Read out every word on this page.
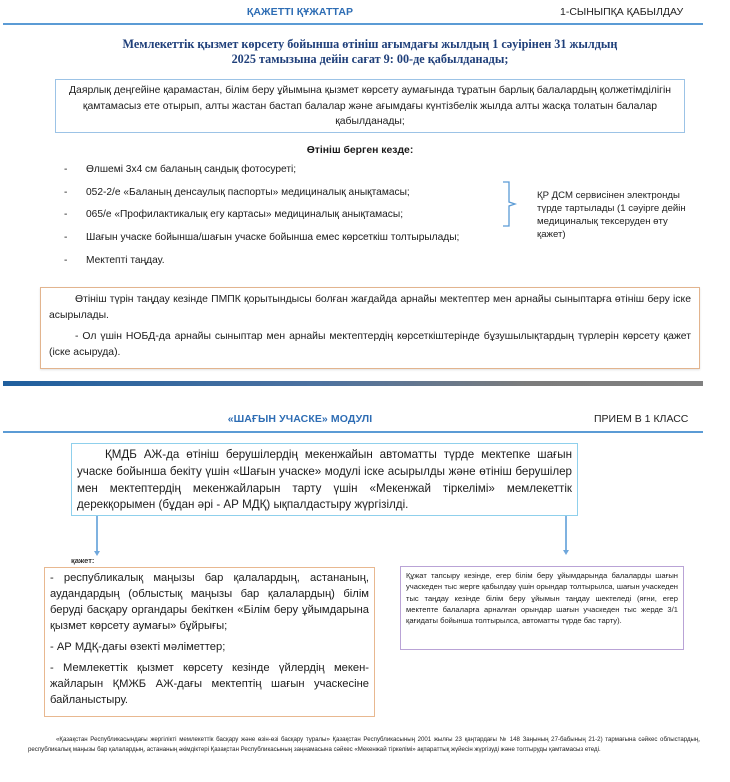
ҚАЖЕТТІ ҚҰЖАТТАР	1-СЫНЫПҚА ҚАБЫЛДАУ
Мемлекеттік қызмет көрсету бойынша өтініш ағымдағы жылдың 1 сәуірінен 31 жылдың
2025 тамызына дейін сағат 9: 00-де қабылданады;
Даярлық деңгейіне қарамастан, білім беру ұйымына қызмет көрсету аумағында тұратын барлық балалардың қолжетімділігін қамтамасыз ете отырып, алты жастан бастап балалар және ағымдағы күнтізбелік жылда алты жасқа толатын балалар қабылданады;
Өтініш берген кезде:
-	Өлшемі 3х4 см баланың сандық фотосуреті;
-	052-2/е «Баланың денсаулық паспорты» медициналық анықтамасы;
-	065/е «Профилактикалық егу картасы» медициналық анықтамасы;
-	Шағын учаске бойынша/шағын учаске бойынша емес көрсеткіш толтырылады;
-	Мектепті таңдау.
ҚР ДСМ сервисінен электронды түрде тартылады (1 сәуірге дейін медициналық тексеруден өту қажет)
Өтініш түрін таңдау кезінде ПМПК қорытындысы болған жағдайда арнайы мектептер мен арнайы сыныптарға өтініш беру іске асырылады.
- Ол үшін НОБД-да арнайы сыныптар мен арнайы мектептердің көрсеткіштерінде бұзушылықтардың түрлерін көрсету қажет (іске асыруда).
«ШАҒЫН УЧАСКЕ» МОДУЛІ	ПРИЕМ В 1 КЛАСС
ҚМДБ АЖ-да өтініш берушілердің мекенжайын автоматты түрде мектепке шағын учаске бойынша бекіту үшін «Шағын учаске» модулі іске асырылды және өтініш берушілер мен мектептердің мекенжайларын тарту үшін «Мекенжай тіркелімі» мемлекеттік дерекқорымен (бұдан әрі - АР МДҚ) ықпалдастыру жүргізілді.
қажет:
- республикалық маңызы бар қалалардың, астананың, аудандардың (облыстық маңызы бар қалалардың) білім беруді басқару органдары бекіткен «Білім беру ұйымдарына қызмет көрсету аумағы» бұйрығы;
- АР МДҚ-дағы өзекті мәліметтер;
- Мемлекеттік қызмет көрсету кезінде үйлердің мекен-жайларын ҚМЖБ АЖ-дағы мектептің шағын учаскесіне байланыстыру.
Құжат тапсыру кезінде, егер білім беру ұйымдарында балаларды шағын учаскеден тыс жерге қабылдау үшін орындар толтырылса, шағын учаскеден тыс таңдау кезінде білім беру ұйымын таңдау шектеледі (яғни, егер мектепте балаларға арналған орындар шағын учаскеден тыс жерде 3/1 қағидаты бойынша толтырылса, автоматты түрде бас тарту).
«Қазақстан Республикасындағы жергілікті мемлекеттік басқару және өзін-өзі басқару туралы» Қазақстан Республикасының 2001 жылғы 23 қаңтардағы № 148 Заңының 27-бабының 21-2) тармағына сәйкес облыстардың, республикалық маңызы бар қалалардың, астананың әкімдіктері Қазақстан Республикасының заңнамасына сәйкес «Мекенжай тіркелімі» ақпараттық жүйесін жүргізуді және толтыруды қамтамасыз етеді.
